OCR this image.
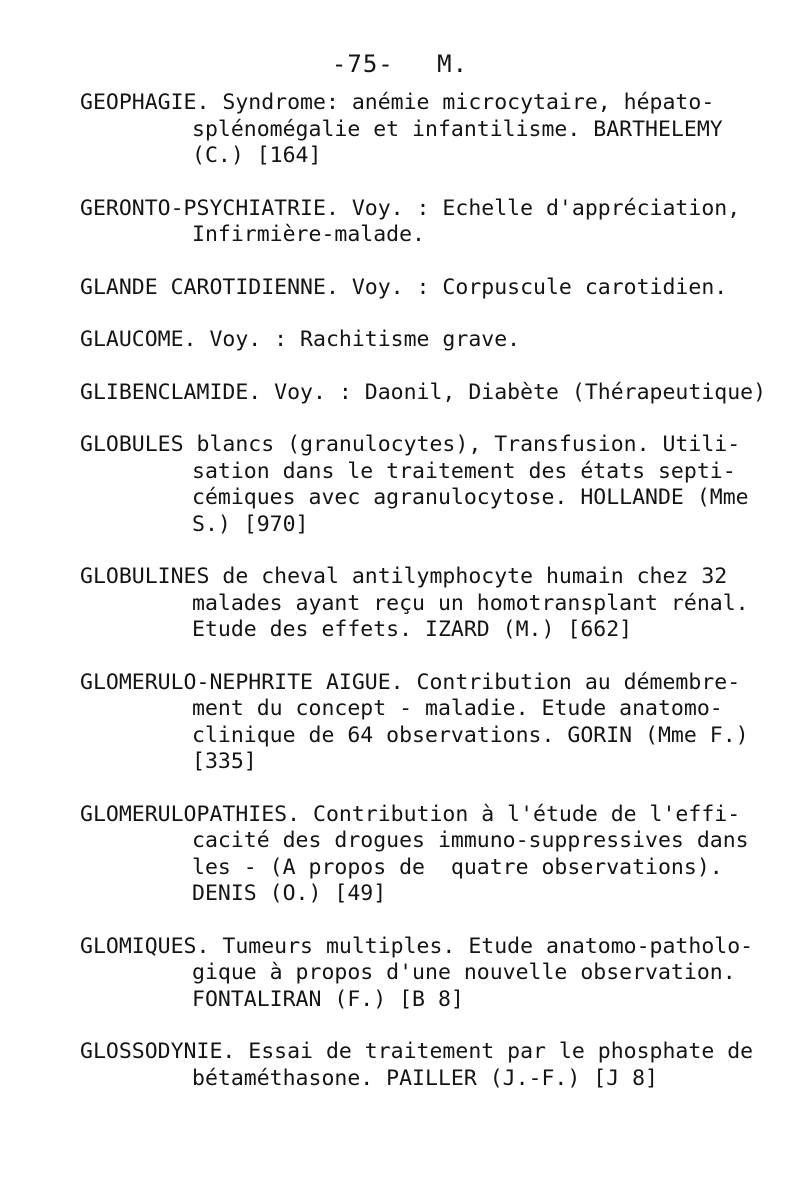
-75- M.
GEOPHAGIE. Syndrome: anémie microcytaire, hépato-
splénomégalie et infantilisme. BARTHELEMY
(C.) [164]
GERONTO-PSYCHIATRIE. Voy. : Echelle d'appréciation,
Infirmière-malade.
GLANDE CAROTIDIENNE. Voy. : Corpuscule carotidien.
GLAUCOME. Voy. : Rachitisme grave.
GLIBENCLAMIDE. Voy. : Daonil, Diabète (Thérapeutique)
GLOBULES blancs (granulocytes), Transfusion. Utili-
sation dans le traitement des états septi-
cémiques avec agranulocytose. HOLLANDE (Mme
S.) [970]
GLOBULINES de cheval antilymphocyte humain chez 32
malades ayant reçu un homotransplant rénal.
Etude des effets. IZARD (M.) [662]
GLOMERULO-NEPHRITE AIGUE. Contribution au démembre-
ment du concept - maladie. Etude anatomo-
clinique de 64 observations. GORIN (Mme F.)
[335]
GLOMERULOPATHIES. Contribution à l'étude de l'effi-
cacité des drogues immuno-suppressives dans
les - (A propos de  quatre observations).
DENIS (O.) [49]
GLOMIQUES. Tumeurs multiples. Etude anatomo-patholo-
gique à propos d'une nouvelle observation.
FONTALIRAN (F.) [B 8]
GLOSSODYNIE. Essai de traitement par le phosphate de
bétaméthasone. PAILLER (J.-F.) [J 8]
